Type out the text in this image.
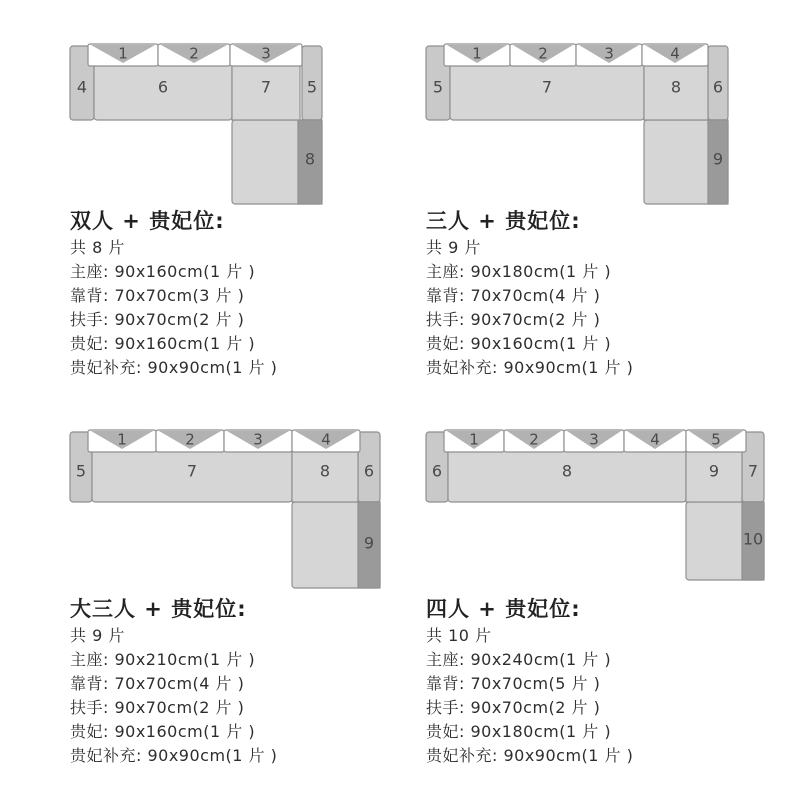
4	5
8
6	7
1	2	3
双人 + 贵妃位:
共 8 片
主座: 90x160cm(1 片 )
靠背: 70x70cm(3 片 )
扶手: 90x70cm(2 片 )
贵妃: 90x160cm(1 片 )
贵妃补充: 90x90cm(1 片 )
5	6
9
7	8
1	2	3	4
三人 + 贵妃位:
共 9 片
主座: 90x180cm(1 片 )
靠背: 70x70cm(4 片 )
扶手: 90x70cm(2 片 )
贵妃: 90x160cm(1 片 )
贵妃补充: 90x90cm(1 片 )
5	6
9
7	8
1	2	3	4
大三人 + 贵妃位:
共 9 片
主座: 90x210cm(1 片 )
靠背: 70x70cm(4 片 )
扶手: 90x70cm(2 片 )
贵妃: 90x160cm(1 片 )
贵妃补充: 90x90cm(1 片 )
6	7
10
8	9
1	2	3	4	5
四人 + 贵妃位:
共 10 片
主座: 90x240cm(1 片 )
靠背: 70x70cm(5 片 )
扶手: 90x70cm(2 片 )
贵妃: 90x180cm(1 片 )
贵妃补充: 90x90cm(1 片 )
